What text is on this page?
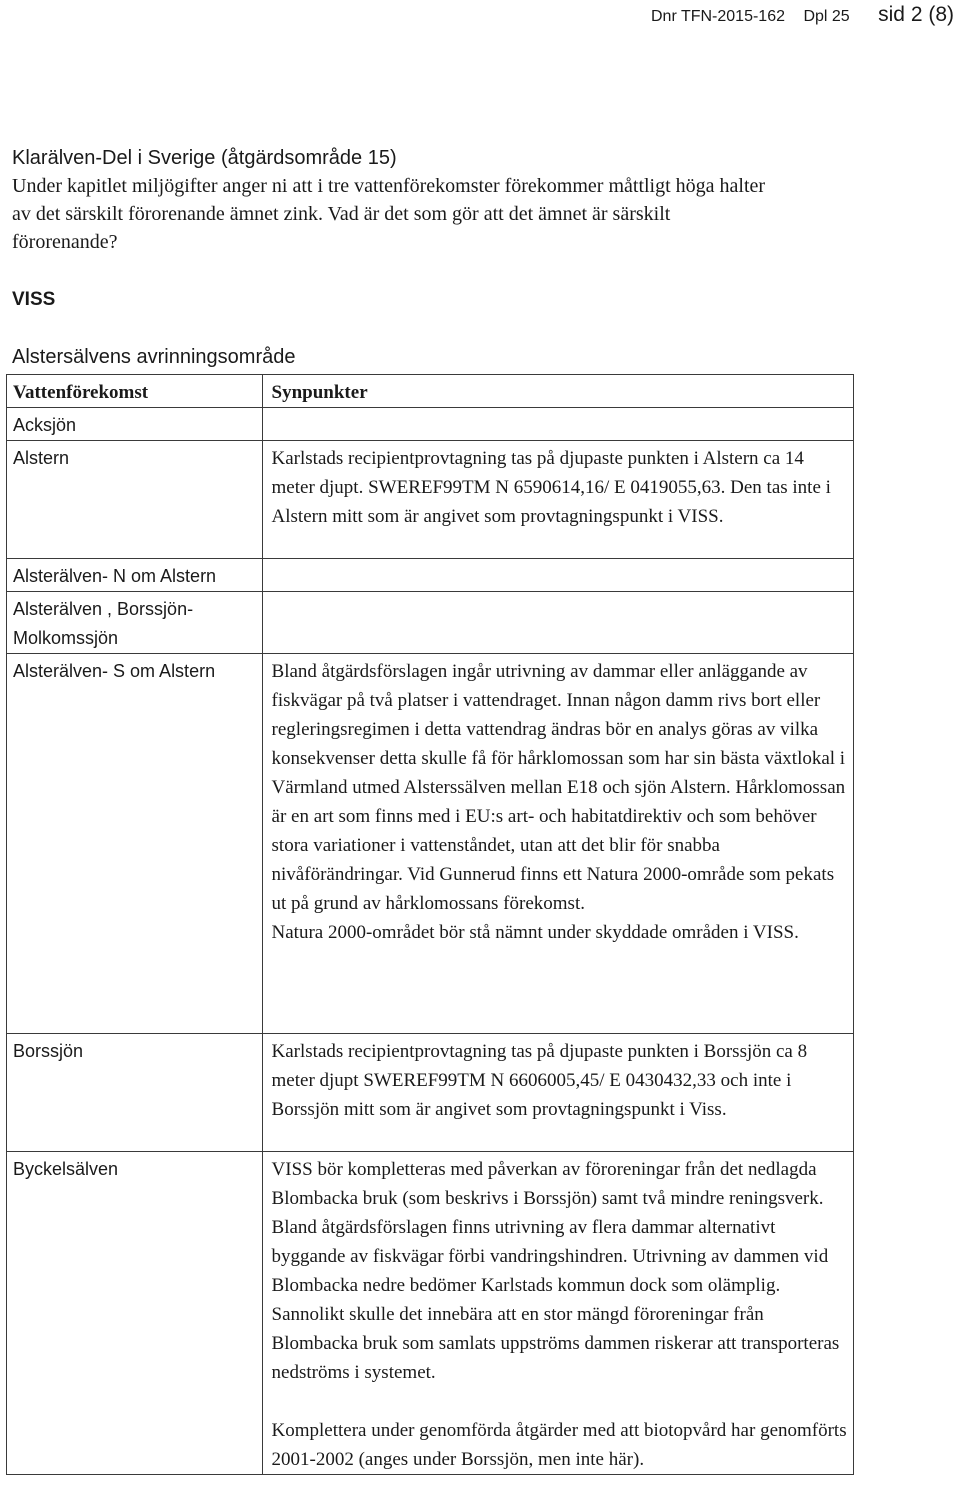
Dnr TFN-2015-162 Dpl 25 sid 2 (8)
Klarälven-Del i Sverige (åtgärdsområde 15)
Under kapitlet miljögifter anger ni att i tre vattenförekomster förekommer måttligt höga halter av det särskilt förorenande ämnet zink. Vad är det som gör att det ämnet är särskilt förorenande?
VISS
Alstersälvens avrinningsområde
Vattenförekomst	Synpunkter
Acksjön	
Alstern	Karlstads recipientprovtagning tas på djupaste punkten i Alstern ca 14 meter djupt. SWEREF99TM N 6590614,16/ E 0419055,63. Den tas inte i Alstern mitt som är angivet som provtagningspunkt i VISS.

Alsterälven- N om Alstern	
Alsterälven , Borssjön-Molkomssjön	
Alsterälven- S om Alstern	Bland åtgärdsförslagen ingår utrivning av dammar eller anläggande av fiskvägar på två platser i vattendraget. Innan någon damm rivs bort eller regleringsregimen i detta vattendrag ändras bör en analys göras av vilka konsekvenser detta skulle få för hårklomossan som har sin bästa växtlokal i Värmland utmed Alsterssälven mellan E18 och sjön Alstern. Hårklomossan är en art som finns med i EU:s art- och habitatdirektiv och som behöver stora variationer i vattenståndet, utan att det blir för snabba nivåförändringar. Vid Gunnerud finns ett Natura 2000-område som pekats ut på grund av hårklomossans förekomst.
Natura 2000-området bör stå nämnt under skyddade områden i VISS.

Borssjön	Karlstads recipientprovtagning tas på djupaste punkten i Borssjön ca 8 meter djupt SWEREF99TM N 6606005,45/ E 0430432,33 och inte i Borssjön mitt som är angivet som provtagningspunkt i Viss.

Byckelsälven	VISS bör kompletteras med påverkan av föroreningar från det nedlagda Blombacka bruk (som beskrivs i Borssjön) samt två mindre reningsverk.
Bland åtgärdsförslagen finns utrivning av flera dammar alternativt byggande av fiskvägar förbi vandringshindren. Utrivning av dammen vid Blombacka nedre bedömer Karlstads kommun dock som olämplig. Sannolikt skulle det innebära att en stor mängd föroreningar från Blombacka bruk som samlats uppströms dammen riskerar att transporteras nedströms i systemet.
Komplettera under genomförda åtgärder med att biotopvård har genomförts 2001-2002 (anges under Borssjön, men inte här).
